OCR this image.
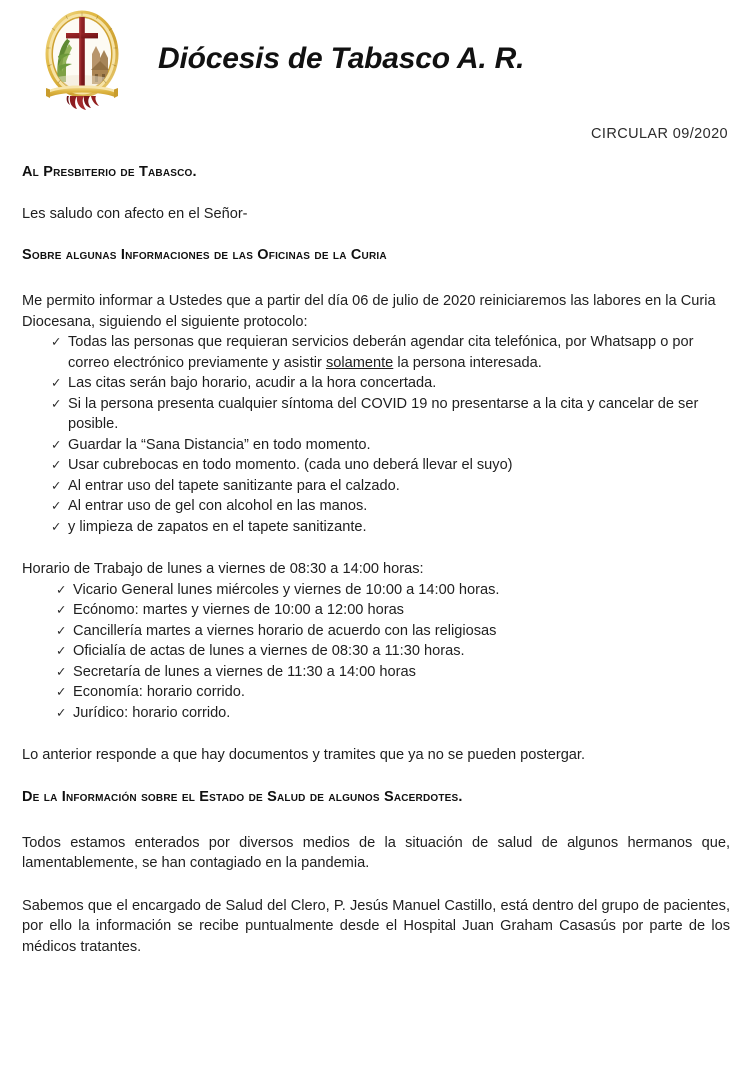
Diócesis de Tabasco A. R.
CIRCULAR 09/2020
Al Presbiterio de Tabasco.

Les saludo con afecto en el Señor-

Sobre algunas Informaciones de las Oficinas de la Curia

Me permito informar a Ustedes que a partir del día 06 de julio de 2020 reiniciaremos las labores en la Curia Diocesana, siguiendo el siguiente protocolo:

✓ Todas las personas que requieran servicios deberán agendar cita telefónica, por Whatsapp o por correo electrónico previamente y asistir solamente la persona interesada.
✓ Las citas serán bajo horario, acudir a la hora concertada.
✓ Si la persona presenta cualquier síntoma del COVID 19 no presentarse a la cita y cancelar de ser posible.
✓ Guardar la “Sana Distancia” en todo momento.
✓ Usar cubrebocas en todo momento. (cada uno deberá llevar el suyo)
✓ Al entrar uso del tapete sanitizante para el calzado.
✓ Al entrar uso de gel con alcohol en las manos.
✓ y limpieza de zapatos en el tapete sanitizante.

Horario de Trabajo de lunes a viernes de 08:30 a 14:00 horas:

✓ Vicario General lunes miércoles y viernes de 10:00 a 14:00 horas.
✓ Ecónomo: martes y viernes de 10:00 a 12:00 horas
✓ Cancillería martes a viernes horario de acuerdo con las religiosas
✓ Oficialía de actas de lunes a viernes de 08:30 a 11:30 horas.
✓ Secretaría de lunes a viernes de 11:30 a 14:00 horas
✓ Economía: horario corrido.
✓ Jurídico: horario corrido.

Lo anterior responde a que hay documentos y tramites que ya no se pueden postergar.

De la Información sobre el Estado de Salud de algunos Sacerdotes.

Todos estamos enterados por diversos medios de la situación de salud de algunos hermanos que, lamentablemente, se han contagiado en la pandemia.

Sabemos que el encargado de Salud del Clero, P. Jesús Manuel Castillo, está dentro del grupo de pacientes, por ello la información se recibe puntualmente desde el Hospital Juan Graham Casasús por parte de los médicos tratantes.
